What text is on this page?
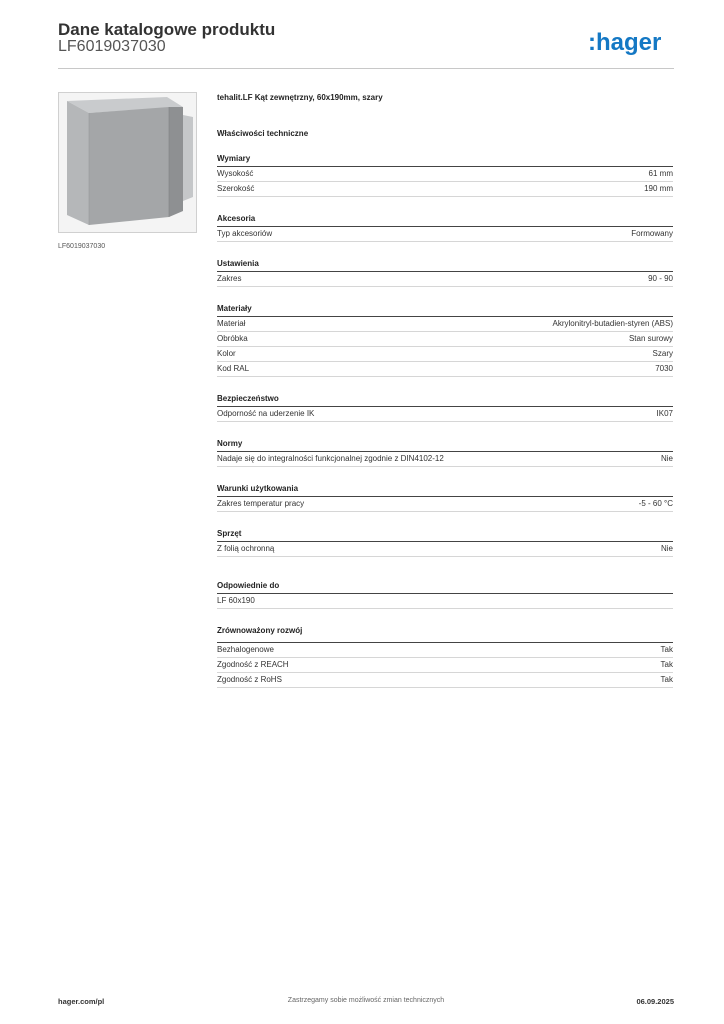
Dane katalogowe produktu
LF6019037030	:hager
LF6019037030
tehalit.LF Kąt zewnętrzny, 60x190mm, szary
Właściwości techniczne
Wymiary
Wysokość	61 mm
Szerokość	190 mm
Akcesoria
Typ akcesoriów	Formowany
Ustawienia
Zakres	90 - 90
Materiały
Materiał	Akrylonitryl-butadien-styren (ABS)
Obróbka	Stan surowy
Kolor	Szary
Kod RAL	7030
Bezpieczeństwo
Odporność na uderzenie IK	IK07
Normy
Nadaje się do integralności funkcjonalnej zgodnie z DIN4102-12	Nie
Warunki użytkowania
Zakres temperatur pracy	-5 - 60 °C
Sprzęt
Z folią ochronną	Nie
Odpowiednie do
LF 60x190
Zrównoważony rozwój
Bezhalogenowe	Tak
Zgodność z REACH	Tak
Zgodność z RoHS	Tak
hager.com/pl	Zastrzegamy sobie możliwość zmian technicznych	06.09.2025
